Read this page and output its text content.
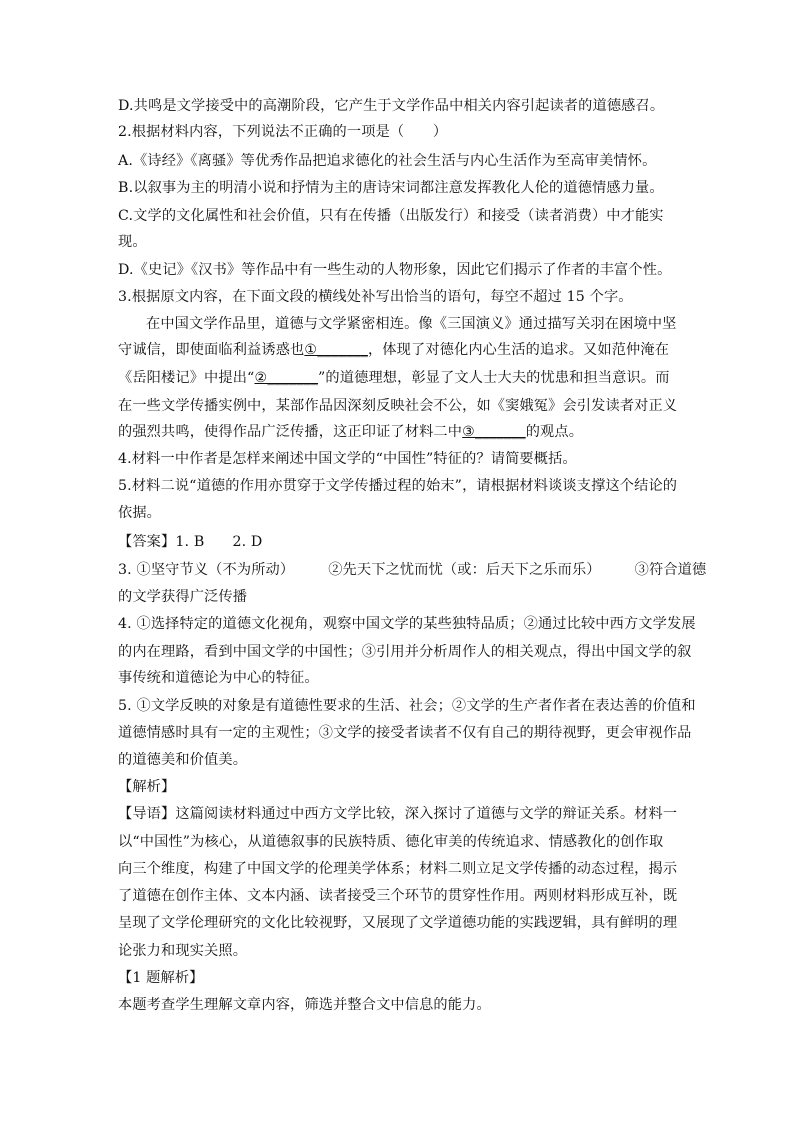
D.共鸣是文学接受中的高潮阶段，它产生于文学作品中相关内容引起读者的道德感召。
2.根据材料内容，下列说法不正确的一项是（　　）
A.《诗经》《离骚》等优秀作品把追求德化的社会生活与内心生活作为至高审美情怀。
B.以叙事为主的明清小说和抒情为主的唐诗宋词都注意发挥教化人伦的道德情感力量。
C.文学的文化属性和社会价值，只有在传播（出版发行）和接受（读者消费）中才能实
现。
D.《史记》《汉书》等作品中有一些生动的人物形象，因此它们揭示了作者的丰富个性。
3.根据原文内容，在下面文段的横线处补写出恰当的语句，每空不超过 15 个字。
在中国文学作品里，道德与文学紧密相连。像《三国演义》通过描写关羽在困境中坚
守诚信，即使面临利益诱惑也①_______，体现了对德化内心生活的追求。又如范仲淹在
《岳阳楼记》中提出“②_______”的道德理想，彰显了文人士大夫的忧患和担当意识。而
在一些文学传播实例中，某部作品因深刻反映社会不公，如《窦娥冤》会引发读者对正义
的强烈共鸣，使得作品广泛传播，这正印证了材料二中③_______的观点。
4.材料一中作者是怎样来阐述中国文学的“中国性”特征的？请简要概括。
5.材料二说“道德的作用亦贯穿于文学传播过程的始末”，请根据材料谈谈支撑这个结论的
依据。
【答案】1. B 2. D
3. ①坚守节义（不为所动） ②先天下之忧而忧（或：后天下之乐而乐） ③符合道德
的文学获得广泛传播
4. ①选择特定的道德文化视角，观察中国文学的某些独特品质；②通过比较中西方文学发展
的内在理路，看到中国文学的中国性；③引用并分析周作人的相关观点，得出中国文学的叙
事传统和道德论为中心的特征。
5. ①文学反映的对象是有道德性要求的生活、社会；②文学的生产者作者在表达善的价值和
道德情感时具有一定的主观性；③文学的接受者读者不仅有自己的期待视野，更会审视作品
的道德美和价值美。
【解析】
【导语】这篇阅读材料通过中西方文学比较，深入探讨了道德与文学的辩证关系。材料一
以“中国性”为核心，从道德叙事的民族特质、德化审美的传统追求、情感教化的创作取
向三个维度，构建了中国文学的伦理美学体系；材料二则立足文学传播的动态过程，揭示
了道德在创作主体、文本内涵、读者接受三个环节的贯穿性作用。两则材料形成互补，既
呈现了文学伦理研究的文化比较视野，又展现了文学道德功能的实践逻辑，具有鲜明的理
论张力和现实关照。
【1 题解析】
本题考查学生理解文章内容，筛选并整合文中信息的能力。
